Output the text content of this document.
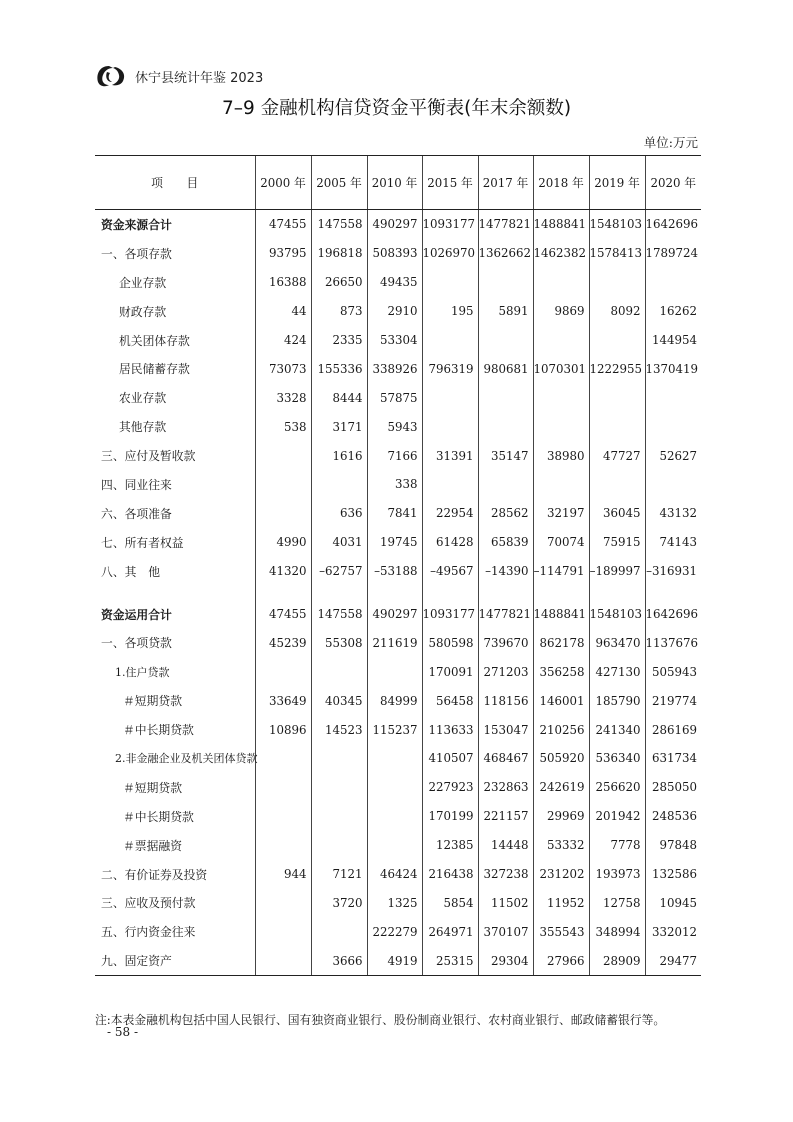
休宁县统计年鉴 2023
7–9 金融机构信贷资金平衡表(年末余额数)
单位:万元
项　　目	2000 年	2005 年	2010 年	2015 年	2017 年	2018 年	2019 年	2020 年
资金来源合计	47455	147558	490297	1093177	1477821	1488841	1548103	1642696
一、各项存款	93795	196818	508393	1026970	1362662	1462382	1578413	1789724
企业存款	16388	26650	49435					
财政存款	44	873	2910	195	5891	9869	8092	16262
机关团体存款	424	2335	53304					144954
居民储蓄存款	73073	155336	338926	796319	980681	1070301	1222955	1370419
农业存款	3328	8444	57875					
其他存款	538	3171	5943					
三、应付及暂收款		1616	7166	31391	35147	38980	47727	52627
四、同业往来			338					
六、各项准备		636	7841	22954	28562	32197	36045	43132
七、所有者权益	4990	4031	19745	61428	65839	70074	75915	74143
八、其　他	41320	–62757	–53188	–49567	–14390	–114791	–189997	–316931

资金运用合计	47455	147558	490297	1093177	1477821	1488841	1548103	1642696
一、各项贷款	45239	55308	211619	580598	739670	862178	963470	1137676
1.住户贷款				170091	271203	356258	427130	505943
＃短期贷款	33649	40345	84999	56458	118156	146001	185790	219774
＃中长期贷款	10896	14523	115237	113633	153047	210256	241340	286169
2.非金融企业及机关团体贷款				410507	468467	505920	536340	631734
＃短期贷款				227923	232863	242619	256620	285050
＃中长期贷款				170199	221157	29969	201942	248536
＃票据融资				12385	14448	53332	7778	97848
二、有价证券及投资	944	7121	46424	216438	327238	231202	193973	132586
三、应收及预付款		3720	1325	5854	11502	11952	12758	10945
五、行内资金往来			222279	264971	370107	355543	348994	332012
九、固定资产		3666	4919	25315	29304	27966	28909	29477
注:本表金融机构包括中国人民银行、国有独资商业银行、股份制商业银行、农村商业银行、邮政储蓄银行等。
- 58 -
